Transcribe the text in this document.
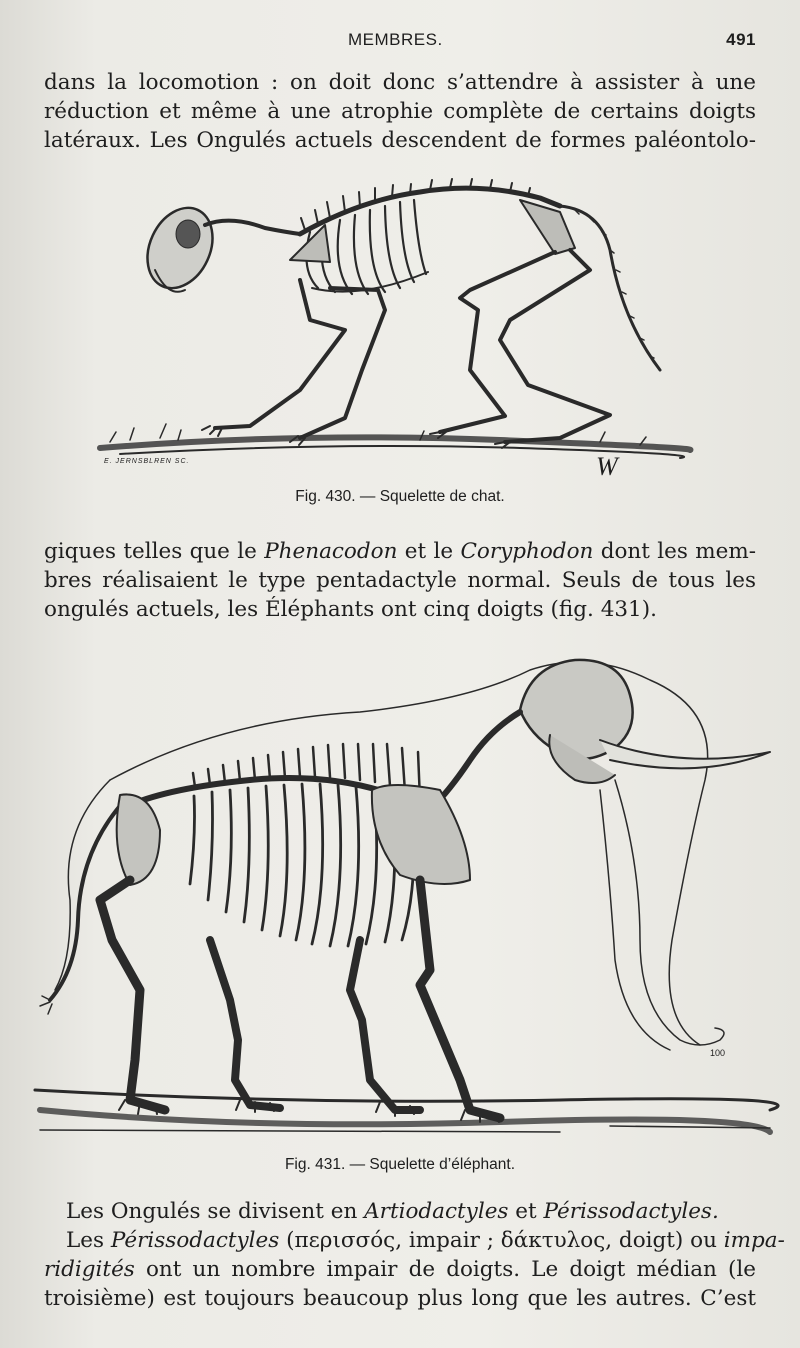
MEMBRES.	491
dans la locomotion : on doit donc s’attendre à assister à une
réduction et même à une atrophie complète de certains doigts
latéraux. Les Ongulés actuels descendent de formes paléontolo-
E. JERNSBLREN SC.	W
Fig. 430. — Squelette de chat.
giques telles que le Phenacodon et le Coryphodon dont les mem-
bres réalisaient le type pentadactyle normal. Seuls de tous les
ongulés actuels, les Éléphants ont cinq doigts (fig. 431).
100
Fig. 431. — Squelette d’éléphant.
Les Ongulés se divisent en Artiodactyles et Périssodactyles.
Les Périssodactyles (περισσός, impair ; δάκτυλος, doigt) ou impa-
ridigités ont un nombre impair de doigts. Le doigt médian (le
troisième) est toujours beaucoup plus long que les autres. C’est
